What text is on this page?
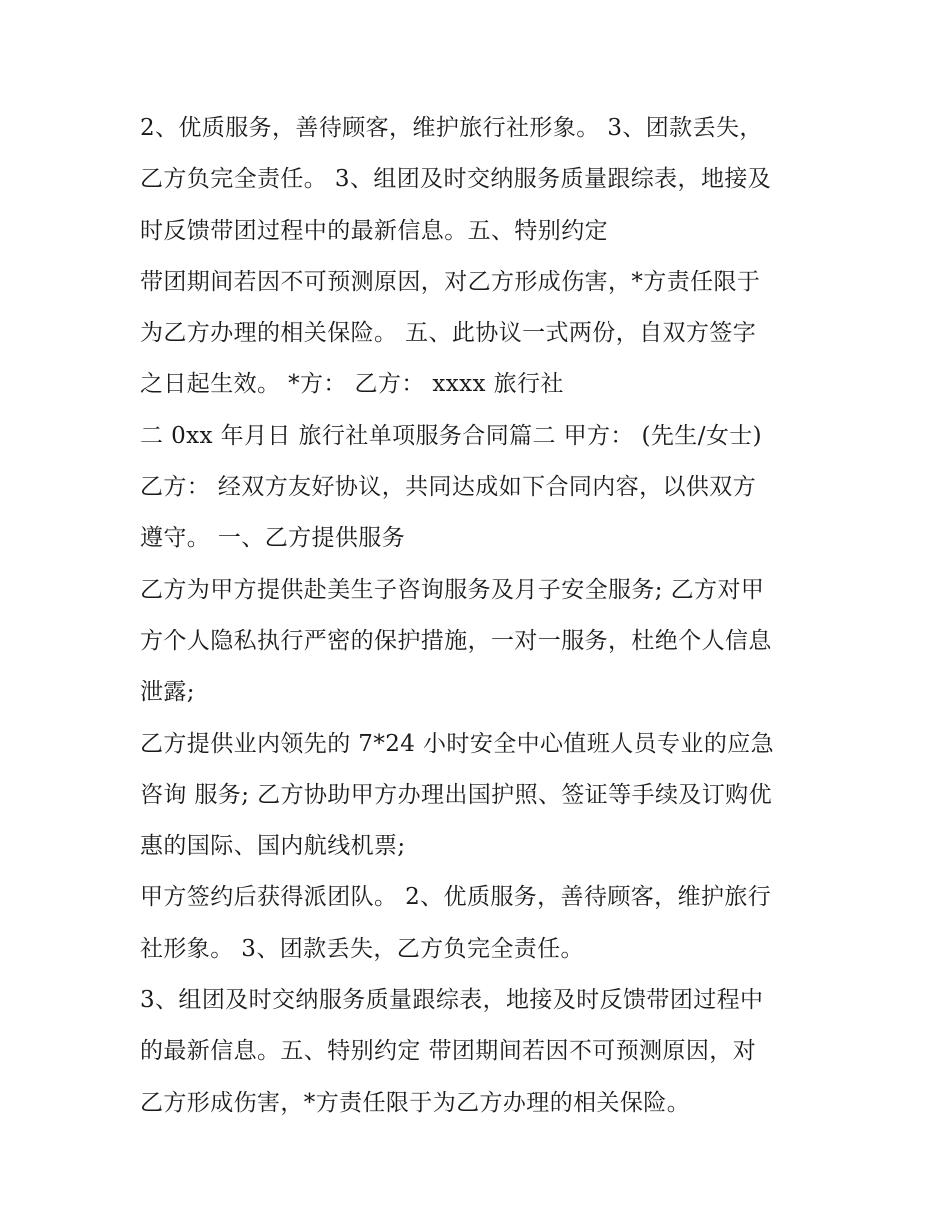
2、优质服务，善待顾客，维护旅行社形象。 3、团款丢失，
乙方负完全责任。 3、组团及时交纳服务质量跟综表，地接及
时反馈带团过程中的最新信息。五、特别约定
带团期间若因不可预测原因，对乙方形成伤害，*方责任限于
为乙方办理的相关保险。 五、此协议一式两份，自双方签字
之日起生效。 *方： 乙方： xxxx 旅行社
二 0xx 年月日 旅行社单项服务合同篇二 甲方： (先生/女士)
乙方： 经双方友好协议，共同达成如下合同内容，以供双方
遵守。 一、乙方提供服务
乙方为甲方提供赴美生子咨询服务及月子安全服务; 乙方对甲
方个人隐私执行严密的保护措施，一对一服务，杜绝个人信息
泄露;
乙方提供业内领先的 7*24 小时安全中心值班人员专业的应急
咨询 服务; 乙方协助甲方办理出国护照、签证等手续及订购优
惠的国际、国内航线机票;
甲方签约后获得派团队。 2、优质服务，善待顾客，维护旅行
社形象。 3、团款丢失，乙方负完全责任。
3、组团及时交纳服务质量跟综表，地接及时反馈带团过程中
的最新信息。五、特别约定 带团期间若因不可预测原因，对
乙方形成伤害，*方责任限于为乙方办理的相关保险。
